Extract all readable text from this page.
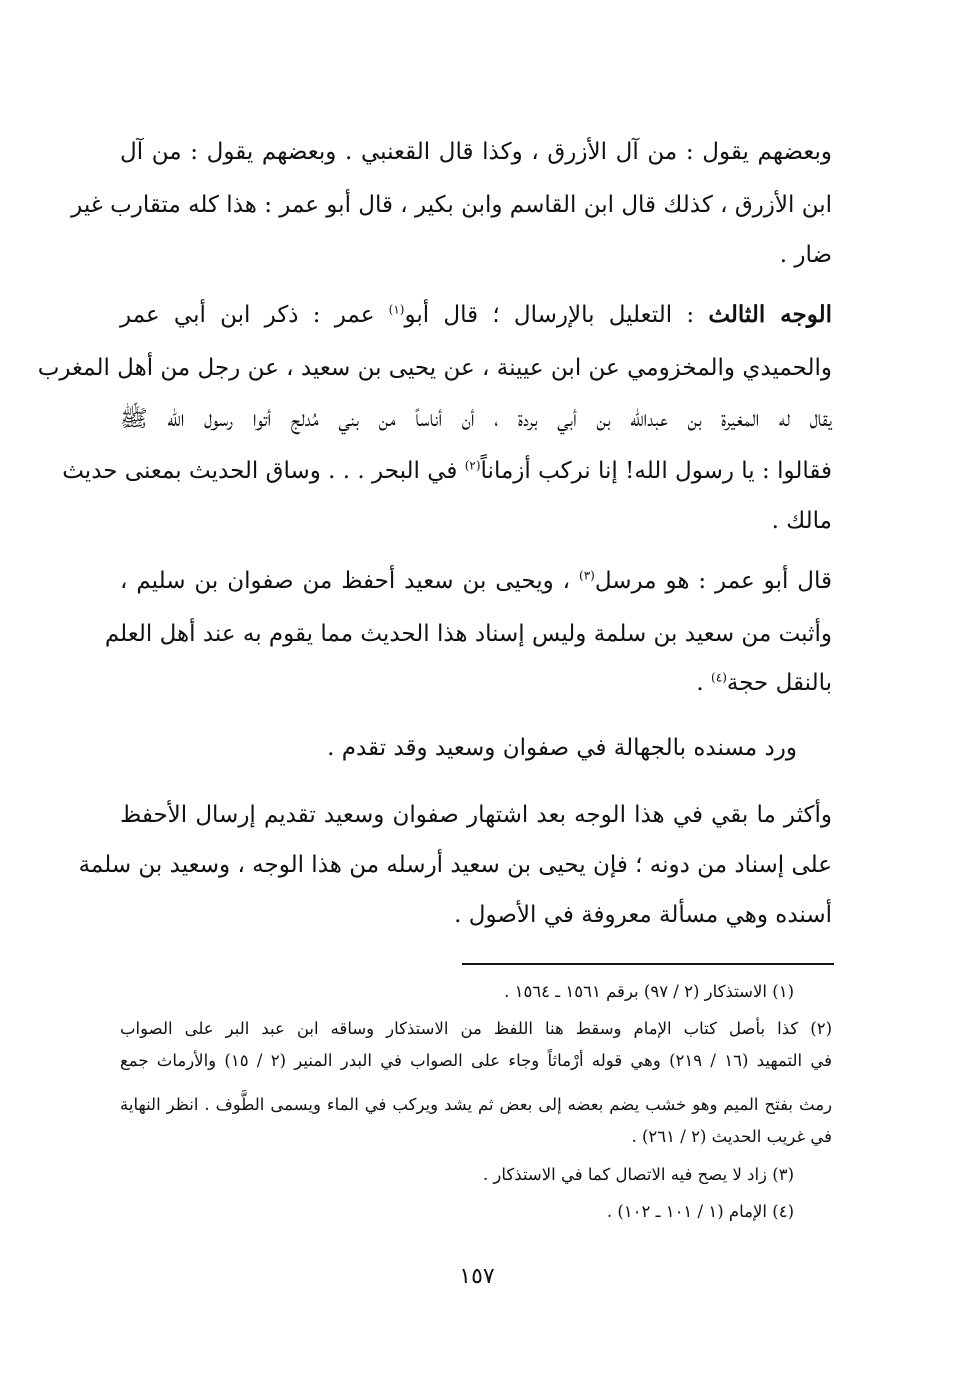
وبعضهم يقول : من آل الأزرق ، وكذا قال القعنبي . وبعضهم يقول : من آل
ابن الأزرق ، كذلك قال ابن القاسم وابن بكير ، قال أبو عمر : هذا كله متقارب غير
ضار .
الوجه الثالث : التعليل بالإرسال ؛ قال أبو$^{(١)}$ عمر : ذكر ابن أبي عمر
والحميدي والمخزومي عن ابن عيينة ، عن يحيى بن سعيد ، عن رجل من أهل المغرب
يقال له المغيرة بن عبدالله بن أبي بردة ، أن أناساً من بني مُدلج أتوا رسول الله ﷺ
فقالوا : يا رسول الله! إنا نركب أزماناً$^{(٢)}$ في البحر . . . وساق الحديث بمعنى حديث
مالك .
قال أبو عمر : هو مرسل$^{(٣)}$ ، ويحيى بن سعيد أحفظ من صفوان بن سليم ،
وأثبت من سعيد بن سلمة وليس إسناد هذا الحديث مما يقوم به عند أهل العلم
بالنقل حجة$^{(٤)}$ .
ورد مسنده بالجهالة في صفوان وسعيد وقد تقدم .
وأكثر ما بقي في هذا الوجه بعد اشتهار صفوان وسعيد تقديم إرسال الأحفظ
على إسناد من دونه ؛ فإن يحيى بن سعيد أرسله من هذا الوجه ، وسعيد بن سلمة
أسنده وهي مسألة معروفة في الأصول .
(١) الاستذكار (٢ / ٩٧) برقم ١٥٦١ ـ ١٥٦٤ .
(٢) كذا بأصل كتاب الإمام وسقط هنا اللفظ من الاستذكار وساقه ابن عبد البر على الصواب
في التمهيد (١٦ / ٢١٩) وهي قوله أرْماثاً وجاء على الصواب في البدر المنير (٢ / ١٥) والأرماث جمع
رمث بفتح الميم وهو خشب يضم بعضه إلى بعض ثم يشد ويركب في الماء ويسمى الطَّوف . انظر النهاية
في غريب الحديث (٢ / ٢٦١) .
(٣) زاد لا يصح فيه الاتصال كما في الاستذكار .
(٤) الإمام (١ / ١٠١ ـ ١٠٢) .
١٥٧
